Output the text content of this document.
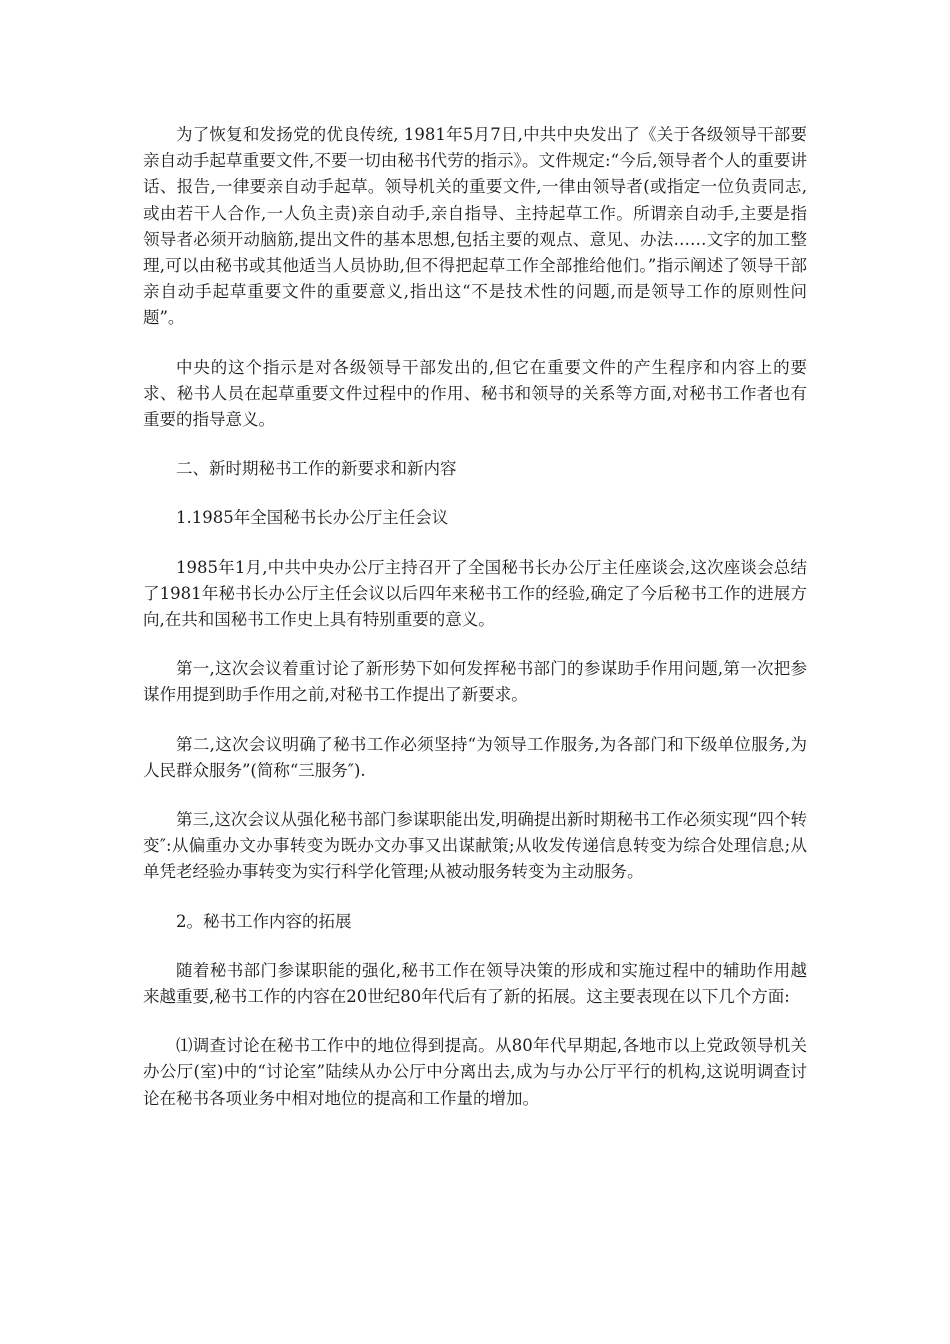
为了恢复和发扬党的优良传统, 1981年5月7日,中共中央发出了《关于各级领导干部要亲自动手起草重要文件,不要一切由秘书代劳的指示》。文件规定:“今后,领导者个人的重要讲话、报告,一律要亲自动手起草。领导机关的重要文件,一律由领导者(或指定一位负责同志,或由若干人合作,一人负主责)亲自动手,亲自指导、主持起草工作。所谓亲自动手,主要是指领导者必须开动脑筋,提出文件的基本思想,包括主要的观点、意见、办法……文字的加工整理,可以由秘书或其他适当人员协助,但不得把起草工作全部推给他们。”指示阐述了领导干部亲自动手起草重要文件的重要意义,指出这“不是技术性的问题,而是领导工作的原则性问题”。

中央的这个指示是对各级领导干部发出的,但它在重要文件的产生程序和内容上的要求、秘书人员在起草重要文件过程中的作用、秘书和领导的关系等方面,对秘书工作者也有重要的指导意义。

二、新时期秘书工作的新要求和新内容

1.1985年全国秘书长办公厅主任会议

1985年1月,中共中央办公厅主持召开了全国秘书长办公厅主任座谈会,这次座谈会总结了1981年秘书长办公厅主任会议以后四年来秘书工作的经验,确定了今后秘书工作的进展方向,在共和国秘书工作史上具有特别重要的意义。

第一,这次会议着重讨论了新形势下如何发挥秘书部门的参谋助手作用问题,第一次把参谋作用提到助手作用之前,对秘书工作提出了新要求。

第二,这次会议明确了秘书工作必须坚持“为领导工作服务,为各部门和下级单位服务,为人民群众服务”(简称“三服务″).

第三,这次会议从强化秘书部门参谋职能出发,明确提出新时期秘书工作必须实现“四个转变″:从偏重办文办事转变为既办文办事又出谋献策;从收发传递信息转变为综合处理信息;从单凭老经验办事转变为实行科学化管理;从被动服务转变为主动服务。

2。秘书工作内容的拓展

随着秘书部门参谋职能的强化,秘书工作在领导决策的形成和实施过程中的辅助作用越来越重要,秘书工作的内容在20世纪80年代后有了新的拓展。这主要表现在以下几个方面:

⑴调查讨论在秘书工作中的地位得到提高。从80年代早期起,各地市以上党政领导机关办公厅(室)中的“讨论室”陆续从办公厅中分离出去,成为与办公厅平行的机构,这说明调查讨论在秘书各项业务中相对地位的提高和工作量的增加。
